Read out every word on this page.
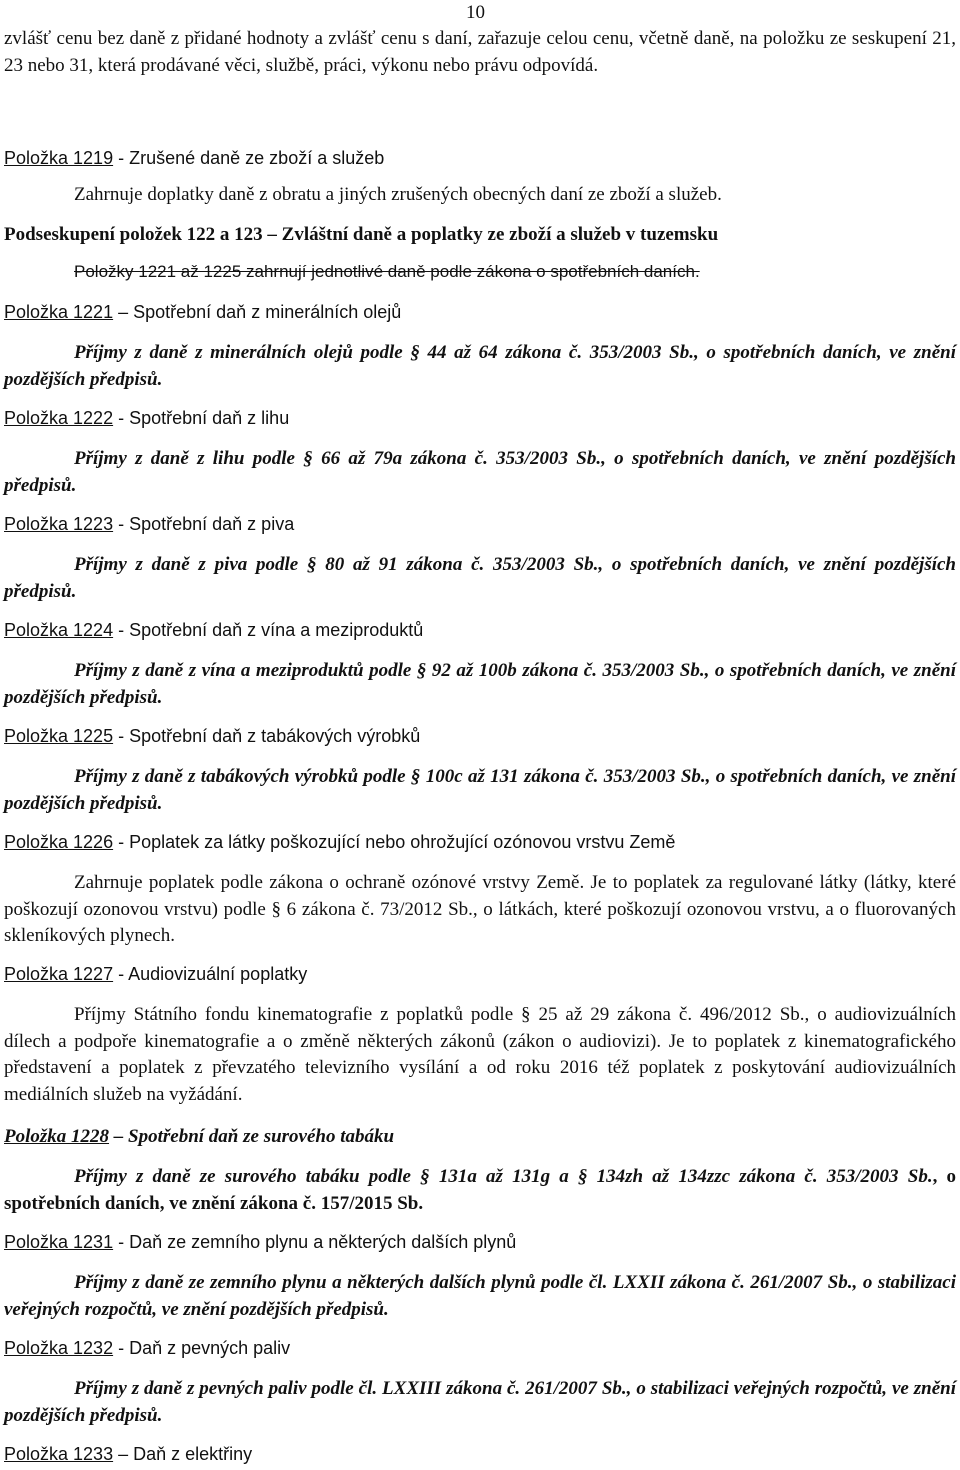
10

zvlášť cenu bez daně z přidané hodnoty a zvlášť cenu s daní, zařazuje celou cenu, včetně daně, na položku ze seskupení 21, 23 nebo 31, která prodávané věci, službě, práci, výkonu nebo právu odpovídá.

Položka 1219 - Zrušené daně ze zboží a služeb

Zahrnuje doplatky daně z obratu a jiných zrušených obecných daní ze zboží a služeb.

Podseskupení položek 122 a 123 – Zvláštní daně a poplatky ze zboží a služeb v tuzemsku

Položky 1221 až 1225 zahrnují jednotlivé daně podle zákona o spotřebních daních.

Položka 1221 – Spotřební daň z minerálních olejů

Příjmy z daně z minerálních olejů podle § 44 až 64 zákona č. 353/2003 Sb., o spotřebních daních, ve znění pozdějších předpisů.

Položka 1222 - Spotřební daň z lihu

Příjmy z daně z lihu podle § 66 až 79a zákona č. 353/2003 Sb., o spotřebních daních, ve znění pozdějších předpisů.

Položka 1223 - Spotřební daň z piva

Příjmy z daně z piva podle § 80 až 91 zákona č. 353/2003 Sb., o spotřebních daních, ve znění pozdějších předpisů.

Položka 1224 - Spotřební daň z vína a meziproduktů

Příjmy z daně z vína a meziproduktů podle § 92 až 100b zákona č. 353/2003 Sb., o spotřebních daních, ve znění pozdějších předpisů.

Položka 1225 - Spotřební daň z tabákových výrobků

Příjmy z daně z tabákových výrobků podle § 100c až 131 zákona č. 353/2003 Sb., o spotřebních daních, ve znění pozdějších předpisů.

Položka 1226 - Poplatek za látky poškozující nebo ohrožující ozónovou vrstvu Země

Zahrnuje poplatek podle zákona o ochraně ozónové vrstvy Země. Je to poplatek za regulované látky (látky, které poškozují ozonovou vrstvu) podle § 6 zákona č. 73/2012 Sb., o látkách, které poškozují ozonovou vrstvu, a o fluorovaných skleníkových plynech.

Položka 1227 - Audiovizuální poplatky

Příjmy Státního fondu kinematografie z poplatků podle § 25 až 29 zákona č. 496/2012 Sb., o audiovizuálních dílech a podpoře kinematografie a o změně některých zákonů (zákon o audiovizi). Je to poplatek z kinematografického představení a poplatek z převzatého televizního vysílání a od roku 2016 též poplatek z poskytování audiovizuálních mediálních služeb na vyžádání.

Položka 1228 – Spotřební daň ze surového tabáku

Příjmy z daně ze surového tabáku podle § 131a až 131g a § 134zh až 134zzc zákona č. 353/2003 Sb., o spotřebních daních, ve znění zákona č. 157/2015 Sb.

Položka 1231 - Daň ze zemního plynu a některých dalších plynů

Příjmy z daně ze zemního plynu a některých dalších plynů podle čl. LXXII zákona č. 261/2007 Sb., o stabilizaci veřejných rozpočtů, ve znění pozdějších předpisů.

Položka 1232 - Daň z pevných paliv

Příjmy z daně z pevných paliv podle čl. LXXIII zákona č. 261/2007 Sb., o stabilizaci veřejných rozpočtů, ve znění pozdějších předpisů.

Položka 1233 – Daň z elektřiny
